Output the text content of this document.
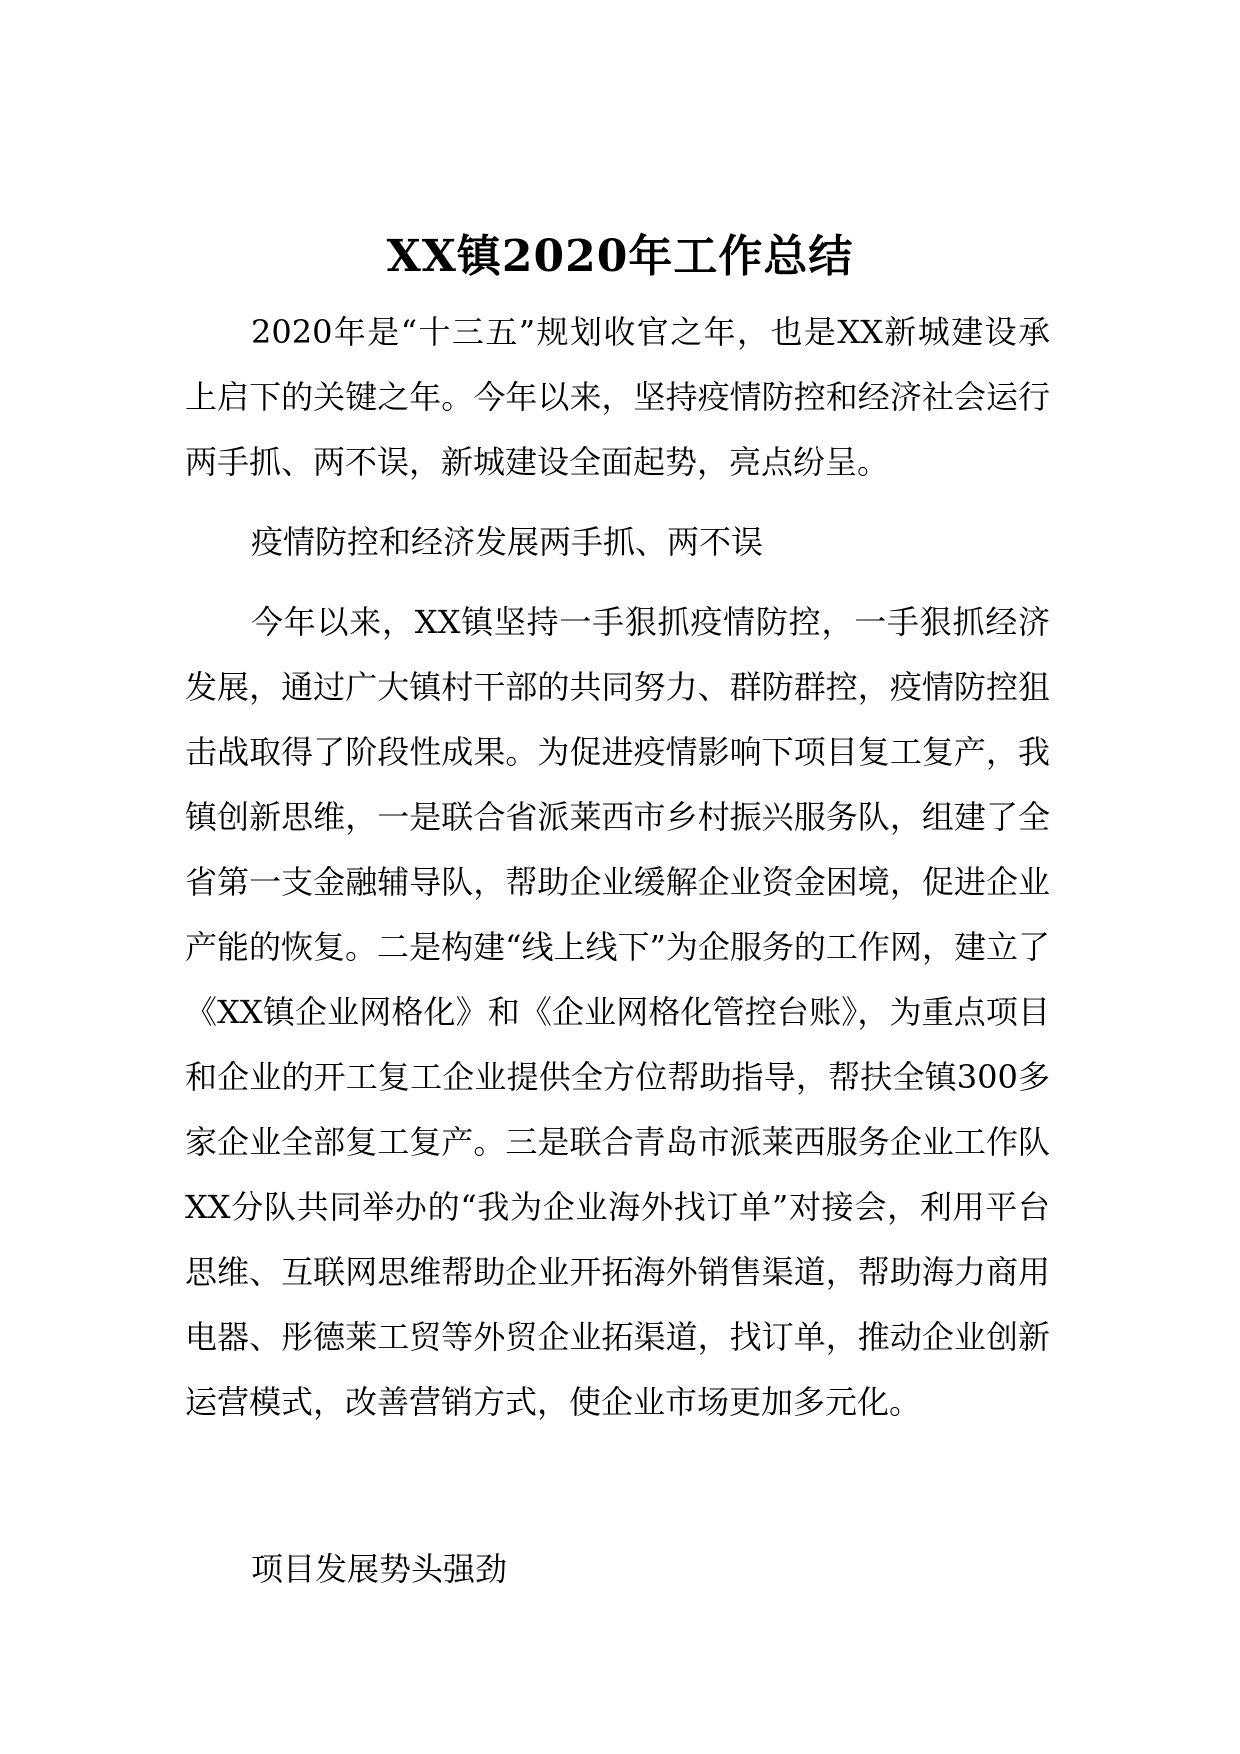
XX镇2020年工作总结

2020年是“十三五”规划收官之年，也是XX新城建设承上启下的关键之年。今年以来，坚持疫情防控和经济社会运行两手抓、两不误，新城建设全面起势，亮点纷呈。

疫情防控和经济发展两手抓、两不误

今年以来，XX镇坚持一手狠抓疫情防控，一手狠抓经济发展，通过广大镇村干部的共同努力、群防群控，疫情防控狙击战取得了阶段性成果。为促进疫情影响下项目复工复产，我镇创新思维，一是联合省派莱西市乡村振兴服务队，组建了全省第一支金融辅导队，帮助企业缓解企业资金困境，促进企业产能的恢复。二是构建“线上线下”为企服务的工作网，建立了《XX镇企业网格化》和《企业网格化管控台账》，为重点项目和企业的开工复工企业提供全方位帮助指导，帮扶全镇300多家企业全部复工复产。三是联合青岛市派莱西服务企业工作队XX分队共同举办的“我为企业海外找订单”对接会，利用平台思维、互联网思维帮助企业开拓海外销售渠道，帮助海力商用电器、彤德莱工贸等外贸企业拓渠道，找订单，推动企业创新运营模式，改善营销方式，使企业市场更加多元化。

项目发展势头强劲
